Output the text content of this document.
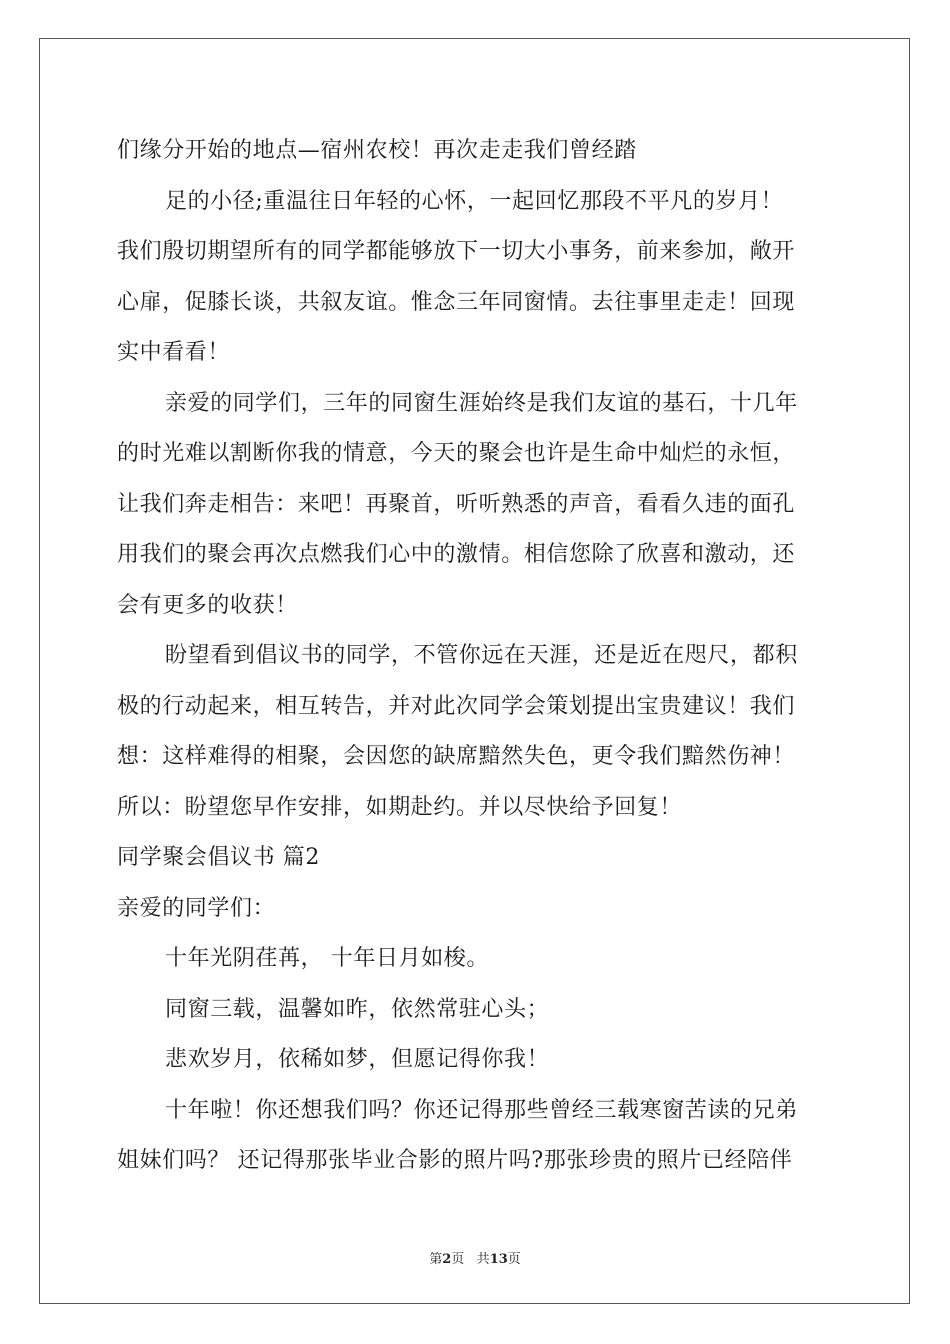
们缘分开始的地点—宿州农校！再次走走我们曾经踏
足的小径;重温往日年轻的心怀，一起回忆那段不平凡的岁月！
我们殷切期望所有的同学都能够放下一切大小事务，前来参加，敞开
心扉，促膝长谈，共叙友谊。惟念三年同窗情。去往事里走走！回现
实中看看！
亲爱的同学们，三年的同窗生涯始终是我们友谊的基石，十几年
的时光难以割断你我的情意，今天的聚会也许是生命中灿烂的永恒，
让我们奔走相告：来吧！再聚首，听听熟悉的声音，看看久违的面孔
用我们的聚会再次点燃我们心中的激情。相信您除了欣喜和激动，还
会有更多的收获！
盼望看到倡议书的同学，不管你远在天涯，还是近在咫尺，都积
极的行动起来，相互转告，并对此次同学会策划提出宝贵建议！我们
想：这样难得的相聚，会因您的缺席黯然失色，更令我们黯然伤神！
所以：盼望您早作安排，如期赴约。并以尽快给予回复！
同学聚会倡议书 篇2
亲爱的同学们：
十年光阴荏苒， 十年日月如梭。
同窗三载，温馨如昨，依然常驻心头；
悲欢岁月，依稀如梦，但愿记得你我！
十年啦！你还想我们吗？你还记得那些曾经三载寒窗苦读的兄弟
姐妹们吗？ 还记得那张毕业合影的照片吗?那张珍贵的照片已经陪伴
第2页 共13页
